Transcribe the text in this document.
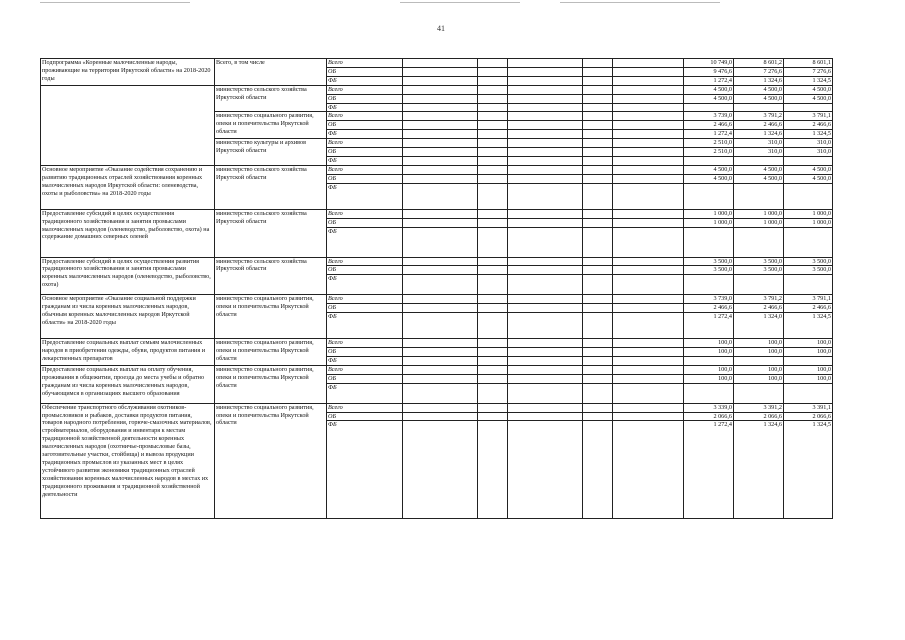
41
Подпрограмма «Коренные малочисленные народы, проживающие на территории Иркутской области» на 2018-2020 годы	Всего, в том числе	Всего						10 749,0	8 601,2	8 601,1
		ОБ						9 476,6	7 276,6	7 276,6
		ФБ						1 272,4	1 324,6	1 324,5
	министерство сельского хозяйства Иркутской области	Всего						4 500,0	4 500,0	4 500,0
		ОБ						4 500,0	4 500,0	4 500,0
		ФБ								
	министерство социального развития, опеки и попечительства Иркутской области	Всего						3 739,0	3 791,2	3 791,1
		ОБ						2 466,6	2 466,6	2 466,6
		ФБ						1 272,4	1 324,6	1 324,5
	министерство культуры и архивов Иркутской области	Всего						2 510,0	310,0	310,0
		ОБ						2 510,0	310,0	310,0
		ФБ								
Основное мероприятие «Оказание содействия сохранению и развитию традиционных отраслей хозяйствования коренных малочисленных народов Иркутской области: оленеводства, охоты и рыболовства» на 2018-2020 годы	министерство сельского хозяйства Иркутской области	Всего						4 500,0	4 500,0	4 500,0
		ОБ						4 500,0	4 500,0	4 500,0
		ФБ								
Предоставление субсидий в целях осуществления традиционного хозяйствования и занятия промыслами малочисленных народов (оленеводство, рыболовство, охота) на содержание домашних северных оленей	министерство сельского хозяйства Иркутской области	Всего						1 000,0	1 000,0	1 000,0
		ОБ						1 000,0	1 000,0	1 000,0
		ФБ								
Предоставление субсидий в целях осуществления развития традиционного хозяйствования и занятия промыслами коренных малочисленных народов (оленеводство, рыболовство, охота)	министерство сельского хозяйства Иркутской области	Всего						3 500,0	3 500,0	3 500,0
		ОБ						3 500,0	3 500,0	3 500,0
		ФБ								
Основное мероприятие «Оказание социальной поддержки гражданам из числа коренных малочисленных народов, обычным коренных малочисленных народов Иркутской области» на 2018-2020 годы	министерство социального развития, опеки и попечительства Иркутской области	Всего						3 739,0	3 791,2	3 791,1
		ОБ						2 466,6	2 466,6	2 466,6
		ФБ						1 272,4	1 324,0	1 324,5
Предоставление социальных выплат семьям малочисленных народов в приобретении одежды, обуви, продуктов питания и лекарственных препаратов	министерство социального развития, опеки и попечительства Иркутской области	Всего						100,0	100,0	100,0
		ОБ						100,0	100,0	100,0
		ФБ								
Предоставление социальных выплат на оплату обучения, проживания в общежитии, проезда до места учебы и обратно гражданам из числа коренных малочисленных народов, обучающимся в организациях высшего образования	министерство социального развития, опеки и попечительства Иркутской области	Всего						100,0	100,0	100,0
		ОБ						100,0	100,0	100,0
		ФБ								
Обеспечение транспортного обслуживания охотников-промысловиков и рыбаков, доставки продуктов питания, товаров народного потребления, горюче-смазочных материалов, стройматериалов, оборудования и инвентаря к местам традиционной хозяйственной деятельности коренных малочисленных народов (охотничье-промысловые базы, заготовительные участки, стойбища) и вывоза продукции традиционных промыслов из указанных мест в целях устойчивого развития экономики традиционных отраслей хозяйствования коренных малочисленных народов в местах их традиционного проживания и традиционной хозяйственной деятельности	министерство социального развития, опеки и попечительства Иркутской области	Всего						3 339,0	3 391,2	3 391,1
		ОБ						2 066,6	2 066,6	2 066,6
		ФБ						1 272,4	1 324,6	1 324,5
